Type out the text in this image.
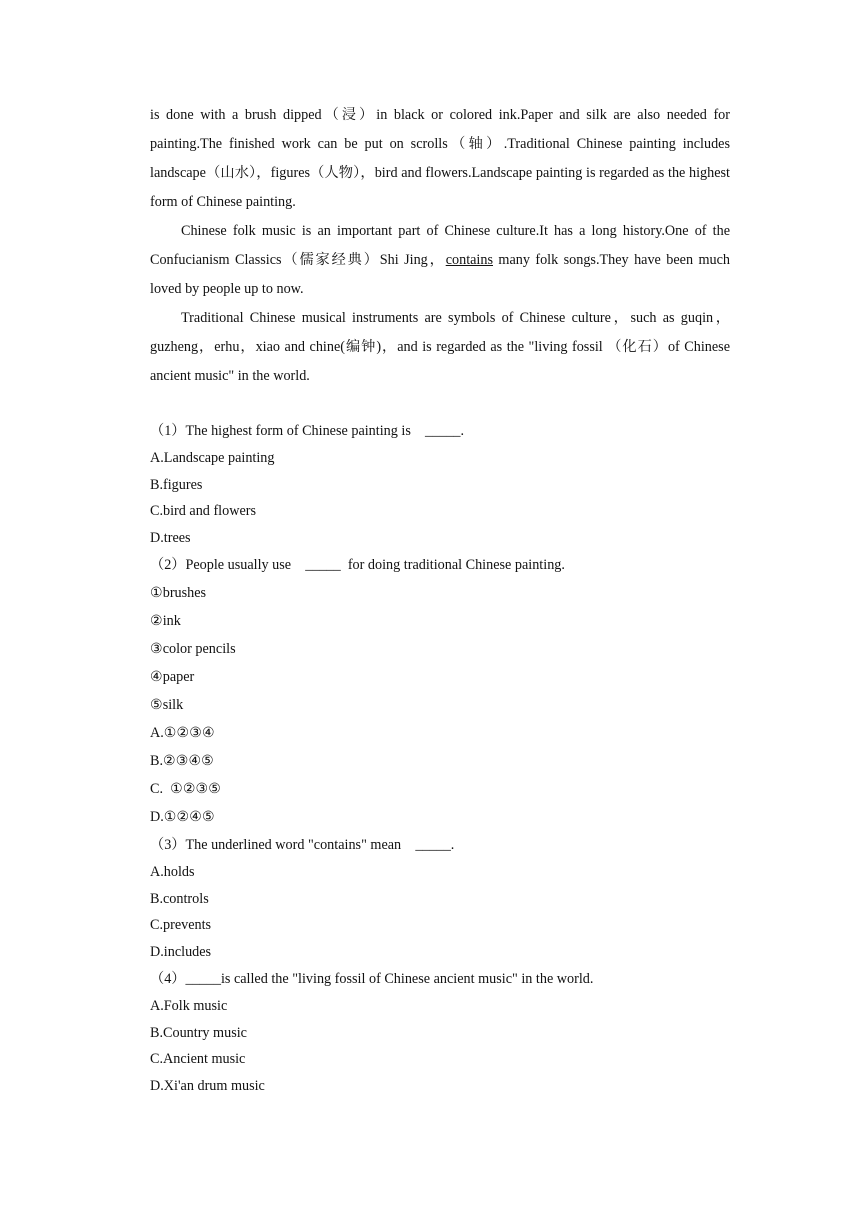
is done with a brush dipped（浸）in black or colored ink.Paper and silk are also needed for painting.The finished work can be put on scrolls（轴）.Traditional Chinese painting includes landscape（山水），figures（人物），bird and flowers.Landscape painting is regarded as the highest form of Chinese painting.

Chinese folk music is an important part of Chinese culture.It has a long history.One of the Confucianism Classics（儒家经典）Shi Jing，contains many folk songs.They have been much loved by people up to now.

Traditional Chinese musical instruments are symbols of Chinese culture，such as guqin，guzheng，erhu，xiao and chine(编钟)，and is regarded as the "living fossil （化石）of Chinese ancient music" in the world.

（1）The highest form of Chinese painting is    _____.

A.Landscape painting

B.figures

C.bird and flowers

D.trees

（2）People usually use    _____  for doing traditional Chinese painting.

①brushes

②ink

③color pencils

④paper

⑤silk

A.①②③④

B.②③④⑤

C.  ①②③⑤

D.①②④⑤

（3）The underlined word "contains" mean    _____.

A.holds

B.controls

C.prevents

D.includes

（4）_____is called the "living fossil of Chinese ancient music" in the world.

A.Folk music

B.Country music

C.Ancient music

D.Xi'an drum music
